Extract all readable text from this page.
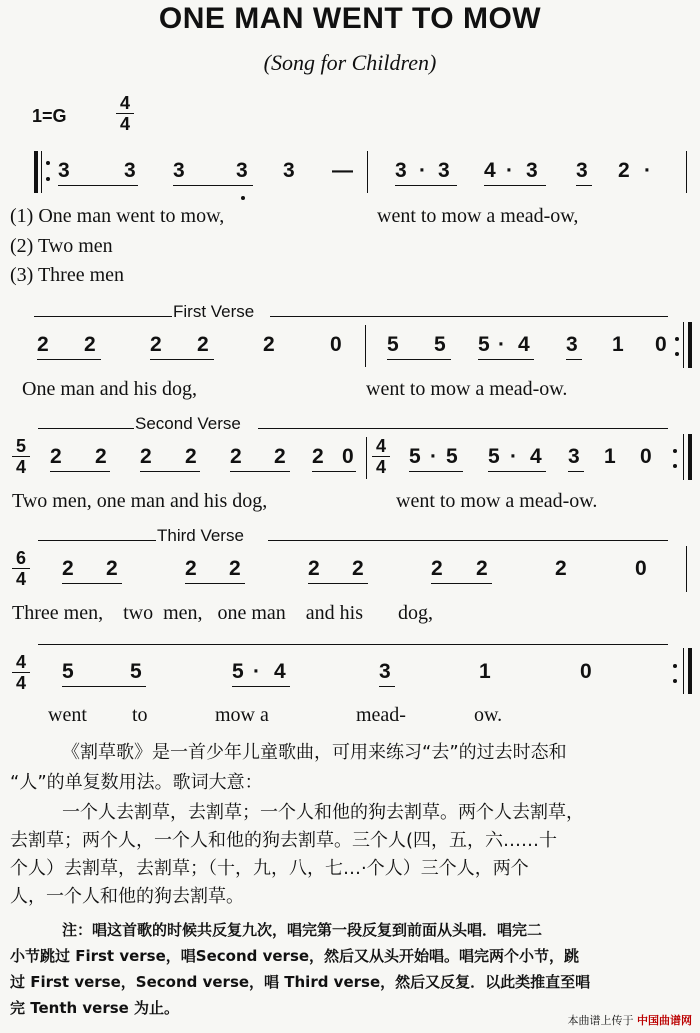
ONE MAN WENT TO MOW
(Song for Children)
1=G
4
4
3	3 3 3 3 — 3 · 3 4 · 3 3 2 ·
(1) One man went to mow,	went to mow a mead-ow,
(2) Two men
(3) Three men
First Verse
2 2	2 2	2	0 5 5 5 · 4 3 1 0
One man and his dog,	went to mow a mead-ow.
5
4
Second Verse
2 2 2 2 2 2 2 0 4
4 5 · 5 5 · 4 3 1 0
Two men, one man and his dog,	went to mow a mead-ow.
6
4
Third Verse
2 2	2 2	2 2	2 2	2	0
Three men,    two  men,   one man    and his       dog,
4
4 5	5	5 · 4	3	1	0
went to	mow a	mead-	ow.
《割草歌》是一首少年儿童歌曲，可用来练习“去”的过去时态和
“人”的单复数用法。歌词大意：
一个人去割草，去割草；一个人和他的狗去割草。两个人去割草，
去割草；两个人，一个人和他的狗去割草。三个人(四，五，六……十
个人）去割草，去割草；（十，九，八，七…·个人）三个人，两个
人，一个人和他的狗去割草。
注：唱这首歌的时候共反复九次，唱完第一段反复到前面从头唱．唱完二
小节跳过 First verse，唱Second verse，然后又从头开始唱。唱完两个小节，跳
过 First verse，Second verse，唱 Third verse，然后又反复．以此类推直至唱
完 Tenth verse 为止。
本曲谱上传于 中国曲谱网
